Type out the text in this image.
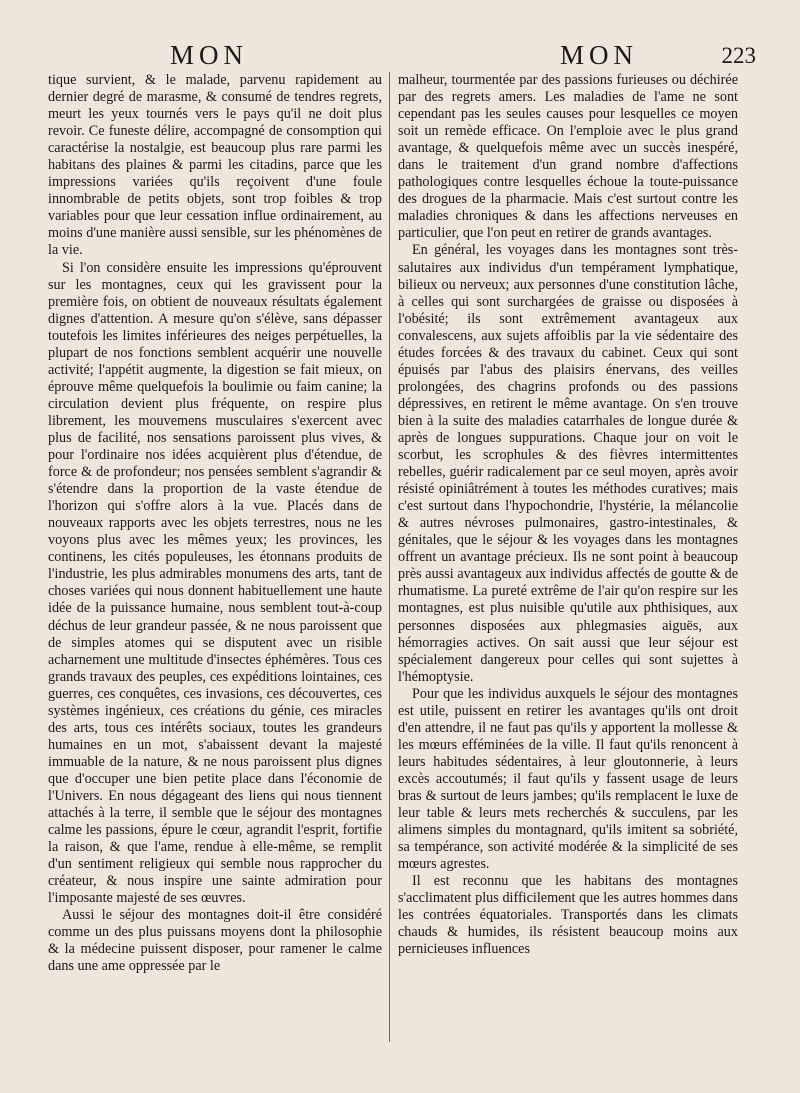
MON	MON	223

tique survient, & le malade, parvenu rapidement au dernier degré de marasme, & consumé de tendres regrets, meurt les yeux tournés vers le pays qu'il ne doit plus revoir. Ce funeste délire, accompagné de consomption qui caractérise la nostalgie, est beaucoup plus rare parmi les habitans des plaines & parmi les citadins, parce que les impressions variées qu'ils reçoivent d'une foule innombrable de petits objets, sont trop foibles & trop variables pour que leur cessation influe ordinairement, au moins d'une manière aussi sensible, sur les phénomènes de la vie.

Si l'on considère ensuite les impressions qu'éprouvent sur les montagnes, ceux qui les gravissent pour la première fois, on obtient de nouveaux résultats également dignes d'attention. A mesure qu'on s'élève, sans dépasser toutefois les limites inférieures des neiges perpétuelles, la plupart de nos fonctions semblent acquérir une nouvelle activité; l'appétit augmente, la digestion se fait mieux, on éprouve même quelquefois la boulimie ou faim canine; la circulation devient plus fréquente, on respire plus librement, les mouvemens musculaires s'exercent avec plus de facilité, nos sensations paroissent plus vives, & pour l'ordinaire nos idées acquièrent plus d'étendue, de force & de profondeur; nos pensées semblent s'agrandir & s'étendre dans la proportion de la vaste étendue de l'horizon qui s'offre alors à la vue. Placés dans de nouveaux rapports avec les objets terrestres, nous ne les voyons plus avec les mêmes yeux; les provinces, les continens, les cités populeuses, les étonnans produits de l'industrie, les plus admirables monumens des arts, tant de choses variées qui nous donnent habituellement une haute idée de la puissance humaine, nous semblent tout-à-coup déchus de leur grandeur passée, & ne nous paroissent que de simples atomes qui se disputent avec un risible acharnement une multitude d'insectes éphémères. Tous ces grands travaux des peuples, ces expéditions lointaines, ces guerres, ces conquêtes, ces invasions, ces découvertes, ces systèmes ingénieux, ces créations du génie, ces miracles des arts, tous ces intérêts sociaux, toutes les grandeurs humaines en un mot, s'abaissent devant la majesté immuable de la nature, & ne nous paroissent plus dignes que d'occuper une bien petite place dans l'économie de l'Univers. En nous dégageant des liens qui nous tiennent attachés à la terre, il semble que le séjour des montagnes calme les passions, épure le cœur, agrandit l'esprit, fortifie la raison, & que l'ame, rendue à elle-même, se remplit d'un sentiment religieux qui semble nous rapprocher du créateur, & nous inspire une sainte admiration pour l'imposante majesté de ses œuvres.

Aussi le séjour des montagnes doit-il être considéré comme un des plus puissans moyens dont la philosophie & la médecine puissent disposer, pour ramener le calme dans une ame oppressée par le

malheur, tourmentée par des passions furieuses ou déchirée par des regrets amers. Les maladies de l'ame ne sont cependant pas les seules causes pour lesquelles ce moyen soit un remède efficace. On l'emploie avec le plus grand avantage, & quelquefois même avec un succès inespéré, dans le traitement d'un grand nombre d'affections pathologiques contre lesquelles échoue la toute-puissance des drogues de la pharmacie. Mais c'est surtout contre les maladies chroniques & dans les affections nerveuses en particulier, que l'on peut en retirer de grands avantages.

En général, les voyages dans les montagnes sont très-salutaires aux individus d'un tempérament lymphatique, bilieux ou nerveux; aux personnes d'une constitution lâche, à celles qui sont surchargées de graisse ou disposées à l'obésité; ils sont extrêmement avantageux aux convalescens, aux sujets affoiblis par la vie sédentaire des études forcées & des travaux du cabinet. Ceux qui sont épuisés par l'abus des plaisirs énervans, des veilles prolongées, des chagrins profonds ou des passions dépressives, en retirent le même avantage. On s'en trouve bien à la suite des maladies catarrhales de longue durée & après de longues suppurations. Chaque jour on voit le scorbut, les scrophules & des fièvres intermittentes rebelles, guérir radicalement par ce seul moyen, après avoir résisté opiniâtrément à toutes les méthodes curatives; mais c'est surtout dans l'hypochondrie, l'hystérie, la mélancolie & autres névroses pulmonaires, gastro-intestinales, & génitales, que le séjour & les voyages dans les montagnes offrent un avantage précieux. Ils ne sont point à beaucoup près aussi avantageux aux individus affectés de goutte & de rhumatisme. La pureté extrême de l'air qu'on respire sur les montagnes, est plus nuisible qu'utile aux phthisiques, aux personnes disposées aux phlegmasies aiguës, aux hémorragies actives. On sait aussi que leur séjour est spécialement dangereux pour celles qui sont sujettes à l'hémoptysie.

Pour que les individus auxquels le séjour des montagnes est utile, puissent en retirer les avantages qu'ils ont droit d'en attendre, il ne faut pas qu'ils y apportent la mollesse & les mœurs efféminées de la ville. Il faut qu'ils renoncent à leurs habitudes sédentaires, à leur gloutonnerie, à leurs excès accoutumés; il faut qu'ils y fassent usage de leurs bras & surtout de leurs jambes; qu'ils remplacent le luxe de leur table & leurs mets recherchés & succulens, par les alimens simples du montagnard, qu'ils imitent sa sobriété, sa tempérance, son activité modérée & la simplicité de ses mœurs agrestes.

Il est reconnu que les habitans des montagnes s'acclimatent plus difficilement que les autres hommes dans les contrées équatoriales. Transportés dans les climats chauds & humides, ils résistent beaucoup moins aux pernicieuses influences
